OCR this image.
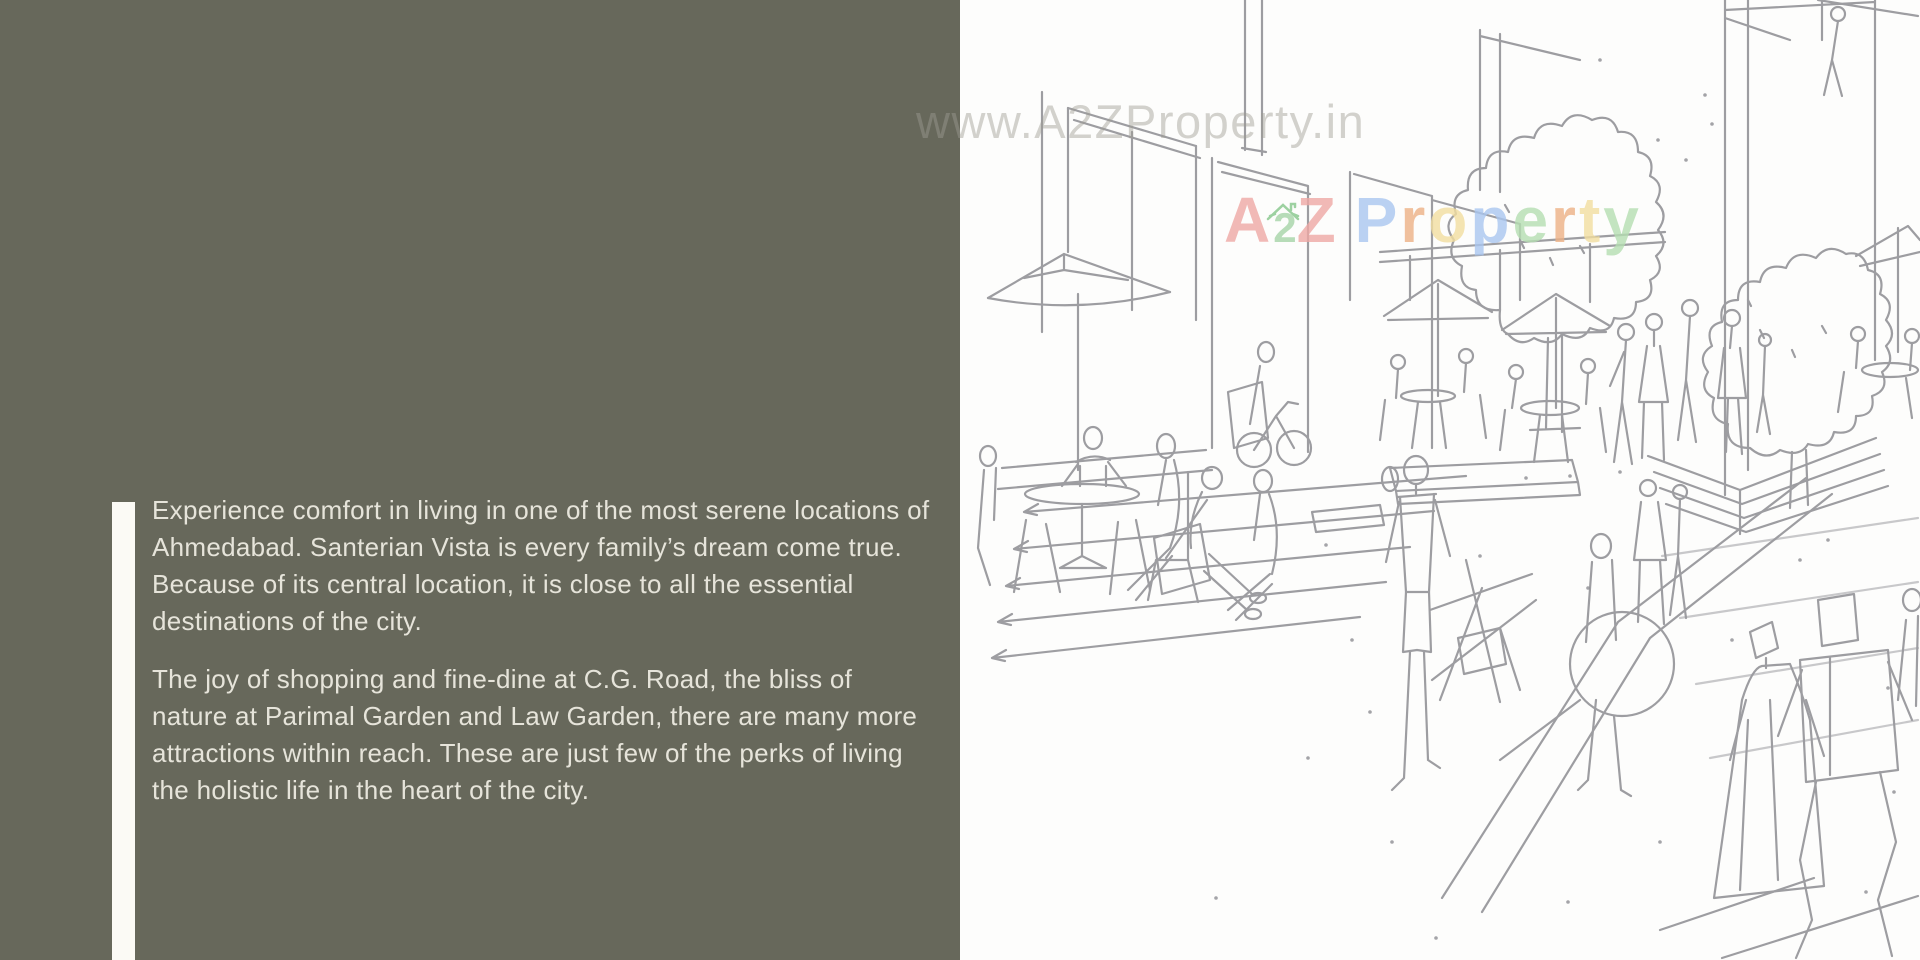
Experience comfort in living in one of the most serene locations of Ahmedabad. Santerian Vista is every family’s dream come true. Because of its central location, it is close to all the essential destinations of the city.

The joy of shopping and fine-dine at C.G. Road, the bliss of nature at Parimal Garden and Law Garden, there are many more attractions within reach. These are just few of the perks of living the holistic life in the heart of the city.

www.A2ZProperty.in
A
2Z Property
